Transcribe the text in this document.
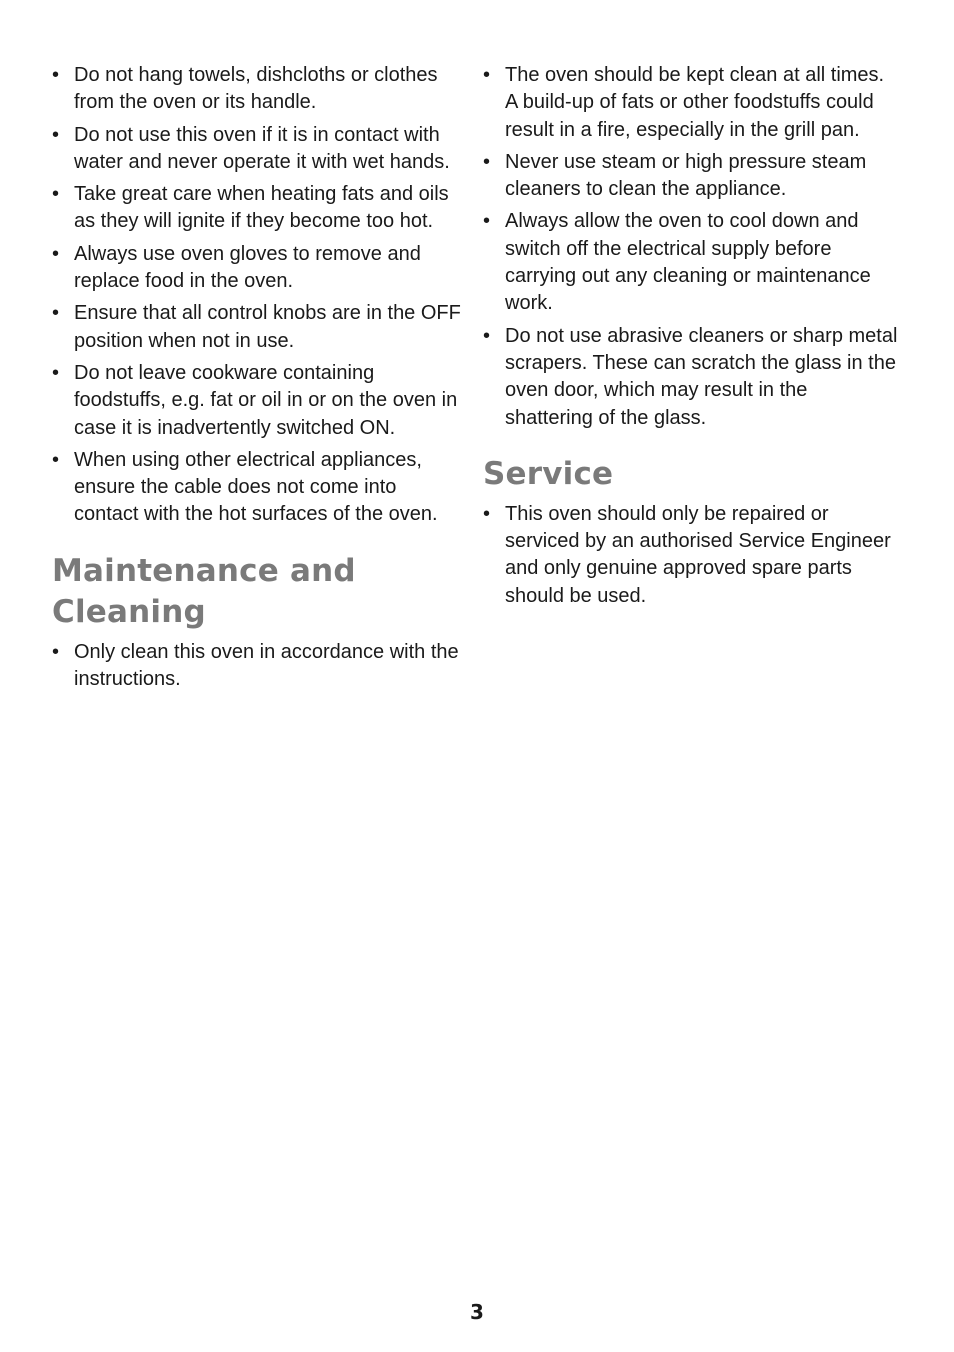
• Do not hang towels, dishcloths or clothes from the oven or its handle.
• Do not use this oven if it is in contact with water and never operate it with wet hands.
• Take great care when heating fats and oils as they will ignite if they become too hot.
• Always use oven gloves to remove and replace food in the oven.
• Ensure that all control knobs are in the OFF position when not in use.
• Do not leave cookware containing foodstuffs, e.g. fat or oil in or on the oven in case it is inadvertently switched ON.
• When using other electrical appliances, ensure the cable does not come into contact with the hot surfaces of the oven.
Maintenance and
Cleaning
• Only clean this oven in accordance with the instructions.
• The oven should be kept clean at all times. A build-up of fats or other foodstuffs could result in a fire, especially in the grill pan.
• Never use steam or high pressure steam cleaners to clean the appliance.
• Always allow the oven to cool down and switch off the electrical supply before carrying out any cleaning or maintenance work.
• Do not use abrasive cleaners or sharp metal scrapers. These can scratch the glass in the oven door, which may result in the shattering of the glass.
Service
• This oven should only be repaired or serviced by an authorised Service Engineer and only genuine approved spare parts should be used.
3
